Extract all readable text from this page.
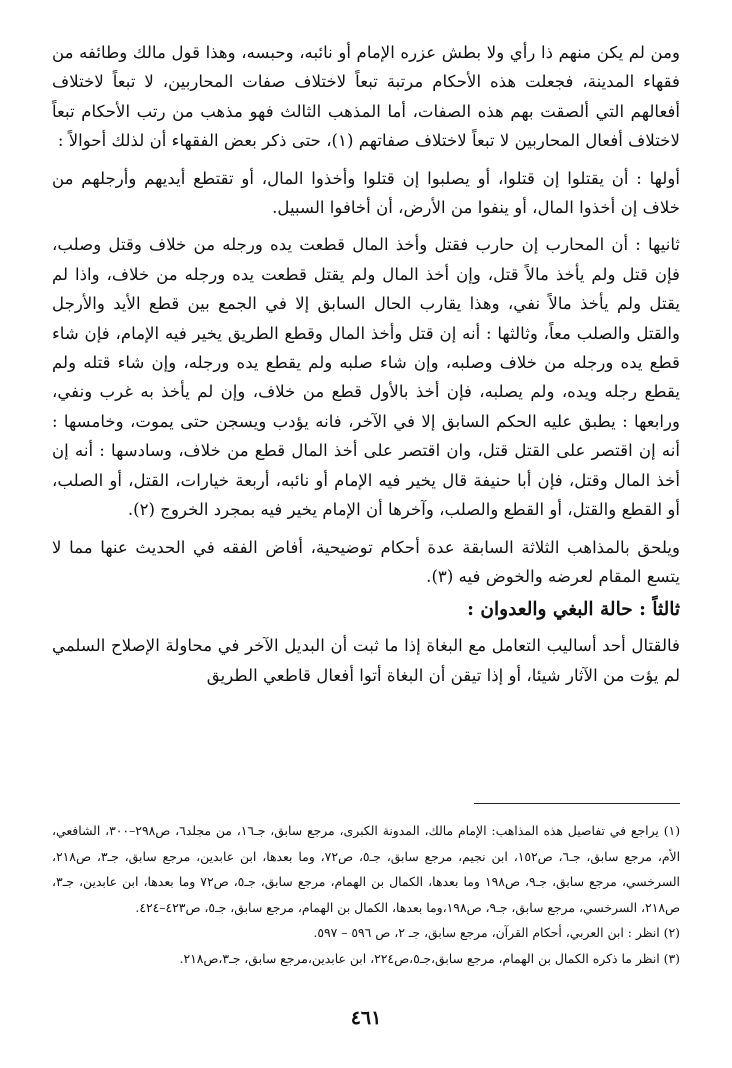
ومن لم يكن منهم ذا رأي ولا بطش عزره الإمام أو نائبه، وحبسه، وهذا قول مالك وطائفه من فقهاء المدينة، فجعلت هذه الأحكام مرتبة تبعاً لاختلاف صفات المحاربين، لا تبعاً لاختلاف أفعالهم التي ألصقت بهم هذه الصفات، أما المذهب الثالث فهو مذهب من رتب الأحكام تبعاً لاختلاف أفعال المحاربين لا تبعاً لاختلاف صفاتهم (١)، حتى ذكر بعض الفقهاء أن لذلك أحوالاً :

أولها : أن يقتلوا إن قتلوا، أو يصلبوا إن قتلوا وأخذوا المال، أو تقتطع أيديهم وأرجلهم من خلاف إن أخذوا المال، أو ينفوا من الأرض، أن أخافوا السبيل.

ثانيها : أن المحارب إن حارب فقتل وأخذ المال قطعت يده ورجله من خلاف وقتل وصلب، فإن قتل ولم يأخذ مالاً قتل، وإن أخذ المال ولم يقتل قطعت يده ورجله من خلاف، واذا لم يقتل ولم يأخذ مالاً نفي، وهذا يقارب الحال السابق إلا في الجمع بين قطع الأيد والأرجل والقتل والصلب معاً، وثالثها : أنه إن قتل وأخذ المال وقطع الطريق يخير فيه الإمام، فإن شاء قطع يده ورجله من خلاف وصلبه، وإن شاء صلبه ولم يقطع يده ورجله، وإن شاء قتله ولم يقطع رجله ويده، ولم يصلبه، فإن أخذ بالأول قطع من خلاف، وإن لم يأخذ به غرب ونفي، ورابعها : يطبق عليه الحكم السابق إلا في الآخر، فانه يؤدب ويسجن حتى يموت، وخامسها : أنه إن اقتصر على القتل قتل، وان اقتصر على أخذ المال قطع من خلاف، وسادسها : أنه إن أخذ المال وقتل، فإن أبا حنيفة قال يخير فيه الإمام أو نائبه، أربعة خيارات، القتل، أو الصلب، أو القطع والقتل، أو القطع والصلب، وآخرها أن الإمام يخير فيه بمجرد الخروج (٢).

ويلحق بالمذاهب الثلاثة السابقة عدة أحكام توضيحية، أفاض الفقه في الحديث عنها مما لا يتسع المقام لعرضه والخوض فيه (٣).

ثالثاً : حالة البغي والعدوان :

فالقتال أحد أساليب التعامل مع البغاة إذا ما ثبت أن البديل الآخر في محاولة الإصلاح السلمي لم يؤت من الآثار شيئا، أو إذا تيقن أن البغاة أتوا أفعال قاطعي الطريق

(١) يراجع في تفاصيل هذه المذاهب: الإمام مالك، المدونة الكبرى، مرجع سابق، جـ١٦، من مجلد٦، ص٢٩٨–٣٠٠، الشافعي، الأم، مرجع سابق، جـ٦، ص١٥٢، ابن نجيم، مرجع سابق، جـ٥، ص٧٢، وما بعدها، ابن عابدين، مرجع سابق، جـ٣، ص٢١٨، السرخسي، مرجع سابق، جـ٩، ص١٩٨ وما بعدها، الكمال بن الهمام، مرجع سابق، جـ٥، ص٧٢ وما بعدها، ابن عابدين، جـ٣، ص٢١٨، السرخسي، مرجع سابق، جـ٩، ص١٩٨،وما بعدها، الكمال بن الهمام، مرجع سابق، جـ٥، ص٤٢٣–٤٢٤.

(٢) انظر : ابن العربي، أحكام القرآن، مرجع سابق، جـ ٢، ص ٥٩٦ – ٥٩٧.

(٣) انظر ما ذكره الكمال بن الهمام، مرجع سابق،جـ٥،ص٢٢٤، ابن عابدين،مرجع سابق، جـ٣،ص٢١٨.

٤٦١
